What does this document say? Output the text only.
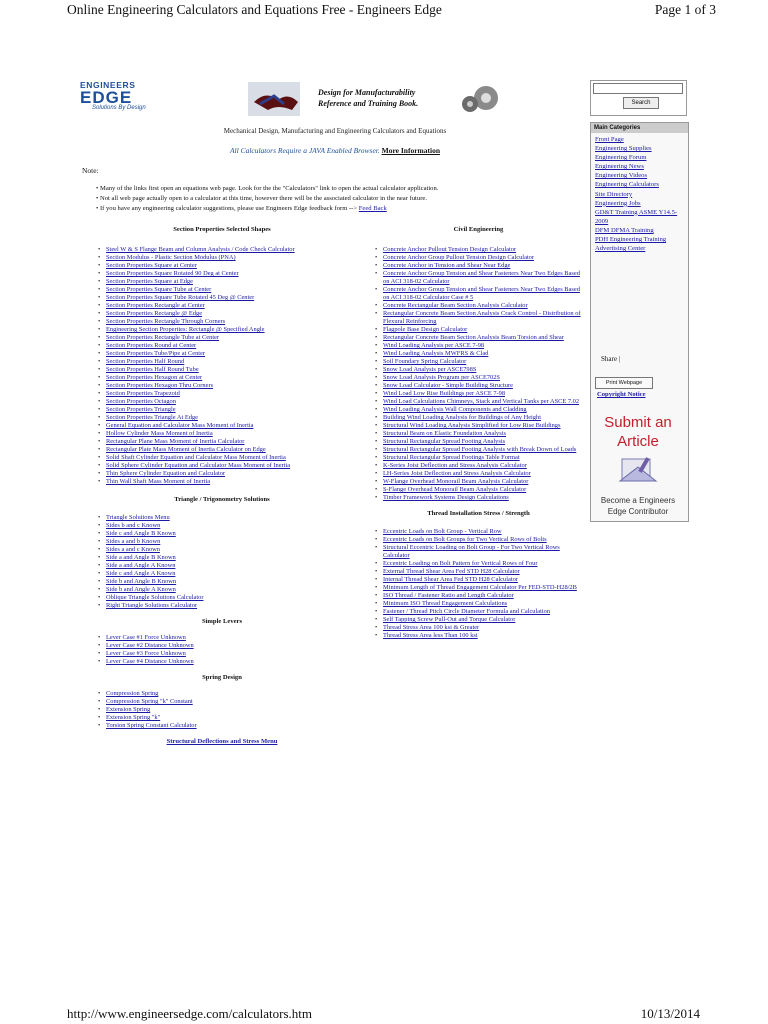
Online Engineering Calculators and Equations Free - Engineers Edge	Page 1 of 3
ENGINEERS
EDGE
Solutions By Design
Design for Manufacturability
Reference and Training Book.
Mechanical Design, Manufacturing and Engineering Calculators and Equations
All Calculators Require a JAVA Enabled Browser. More Information
Note:
• Many of the links first open an equations web page. Look for the the "Calculators" link to open the actual calculator application.
• Not all web page actually open to a calculator at this time, however there will be the associated calculator in the near future.
• If you have any engineering calculator suggestions, please use Engineers Edge feedback form --> Feed Back
Section Properties Selected Shapes
• Steel W & S Flange Beam and Column Analysis / Code Check Calculator
• Section Modulus - Plastic Section Modulus (PNA)
• Section Properties Square at Center
• Section Properties Square Rotated 90 Deg at Center
• Section Properties Square at Edge
• Section Properties Square Tube at Center
• Section Properties Square Tube Rotated 45 Deg @ Center
• Section Properties Rectangle at Center
• Section Properties Rectangle @ Edge
• Section Properties Rectangle Through Corners
• Engineering Section Properties: Rectangle @ Specified Angle
• Section Properties Rectangle Tube at Center
• Section Properties Round at Center
• Section Properties Tube/Pipe at Center
• Section Properties Half Round
• Section Properties Half Round Tube
• Section Properties Hexagon at Center
• Section Properties Hexagon Thru Corners
• Section Properties Trapezoid
• Section Properties Octagon
• Section Properties Triangle
• Section Properties Triangle At Edge
• General Equation and Calculator Mass Moment of Inertia
• Hollow Cylinder Mass Moment of Inertia
• Rectangular Plane Mass Moment of Inertia Calculator
• Rectangular Plate Mass Moment of Inertia Calculator on Edge
• Solid Shaft Cylinder Equation and Calculator Mass Moment of Inertia
• Solid Sphere Cylinder Equation and Calculator Mass Moment of Inertia
• Thin Sphere Cylinder Equation and Calculator
• Thin Wall Shaft Mass Moment of Inertia
Triangle / Trigonometry Solutions
• Triangle Solutions Menu
• Sides b and c Known
• Side c and Angle B Known
• Sides a and b Known
• Sides a and c Known
• Side a and Angle B Known
• Side a and Angle A Known
• Side c and Angle A Known
• Side b and Angle B Known
• Side b and Angle A Known
• Oblique Triangle Solutions Calculator
• Right Triangle Solutions Calculator
Simple Levers
• Lever Case #1 Force Unknown
• Lever Case #2 Distance Unknown
• Lever Case #3 Force Unknown
• Lever Case #4 Distance Unknown
Spring Design
• Compression Spring
• Compression Spring "k" Constant
• Extension Spring
• Extension Spring "k"
• Torsion Spring Constant Calculator
Structural Deflections and Stress Menu
Civil Engineering
• Concrete Anchor Pullout Tension Design Calculator
• Concrete Anchor Group Pullout Tension Design Calculator
• Concrete Anchor in Tension and Shear Near Edge
• Concrete Anchor Group Tension and Shear Fasteners Near Two Edges Based on ACI 318-02 Calculator
• Concrete Anchor Group Tension and Shear Fasteners Near Two Edges Based on ACI 318-02 Calculator Case # 5
• Concrete Rectangular Beam Section Analysis Calculator
• Rectangular Concrete Beam Section Analysis Crack Control - Distribution of Flexural Reinforcing
• Flagpole Base Design Calculator
• Rectangular Concrete Beam Section Analysis Beam Torsion and Shear
• Wind Loading Analysis per ASCE 7-98
• Wind Loading Analysis MWFRS & Clad
• Soil Foundary Spring Calculator
• Snow Load Analysis per ASCE798S
• Snow Load Analysis Program per ASCE702S
• Snow Load Calculator - Simple Building Structure
• Wind Load Low Rise Buildings per ASCE 7-98
• Wind Load Calculations Chimneys, Stack and Vertical Tanks per ASCE 7.02
• Wind Loading Analysis Wall Components and Cladding
• Building Wind Loading Analysis for Buildings of Any Height
• Structural Wind Loading Analysis Simplified for Low Rise Buildings
• Structural Beam on Elastic Foundation Analysis
• Structural Rectangular Spread Footing Analysis
• Structural Rectangular Spread Footing Analysis with Break Down of Loads
• Structural Rectangular Spread Footings Table Format
• K-Series Joist Deflection and Stress Analysis Calculator
• LH-Series Joist Deflection and Stress Analysis Calculator
• W-Flange Overhead Monorail Beam Analysis Calculator
• S-Flange Overhead Monorail Beam Analysis Calculator
• Timber Framework Systems Design Calculations
Thread Installation Stress / Strength
• Eccentric Loads on Bolt Group - Vertical Row
• Eccentric Loads on Bolt Groups for Two Vertical Rows of Bolts
• Structural Eccentric Loading on Bolt Group - For Two Vertical Rows Calculator
• Eccentric Loading on Bolt Pattern for Vertical Rows of Four
• External Thread Shear Area Fed STD H28 Calculator
• Internal Thread Shear Area Fed STD H28 Calculator
• Minimum Length of Thread Engagement Calculator Per FED-STD-H28/2B
• ISO Thread / Fastener Ratio and Length Calculator
• Minimum ISO Thread Engagement Calculations
• Fastener / Thread Pitch Circle Diameter Formula and Calculation
• Self Tapping Screw Pull-Out and Torque Calculator
• Thread Stress Area 100 ksi & Greater
• Thread Stress Area less Than 100 ksi
Search
Main Categories
Front Page
Engineering Supplies
Engineering Forum
Engineering News
Engineering Videos
Engineering Calculators
Site Directory
Engineering Jobs
GD&T Training ASME Y14.5-2009
DFM DFMA Training
PDH Engineering Training
Advertising Center
Share |
Print Webpage
Copyright Notice
Submit an
Article
Become a Engineers Edge Contributor
http://www.engineersedge.com/calculators.htm	10/13/2014
